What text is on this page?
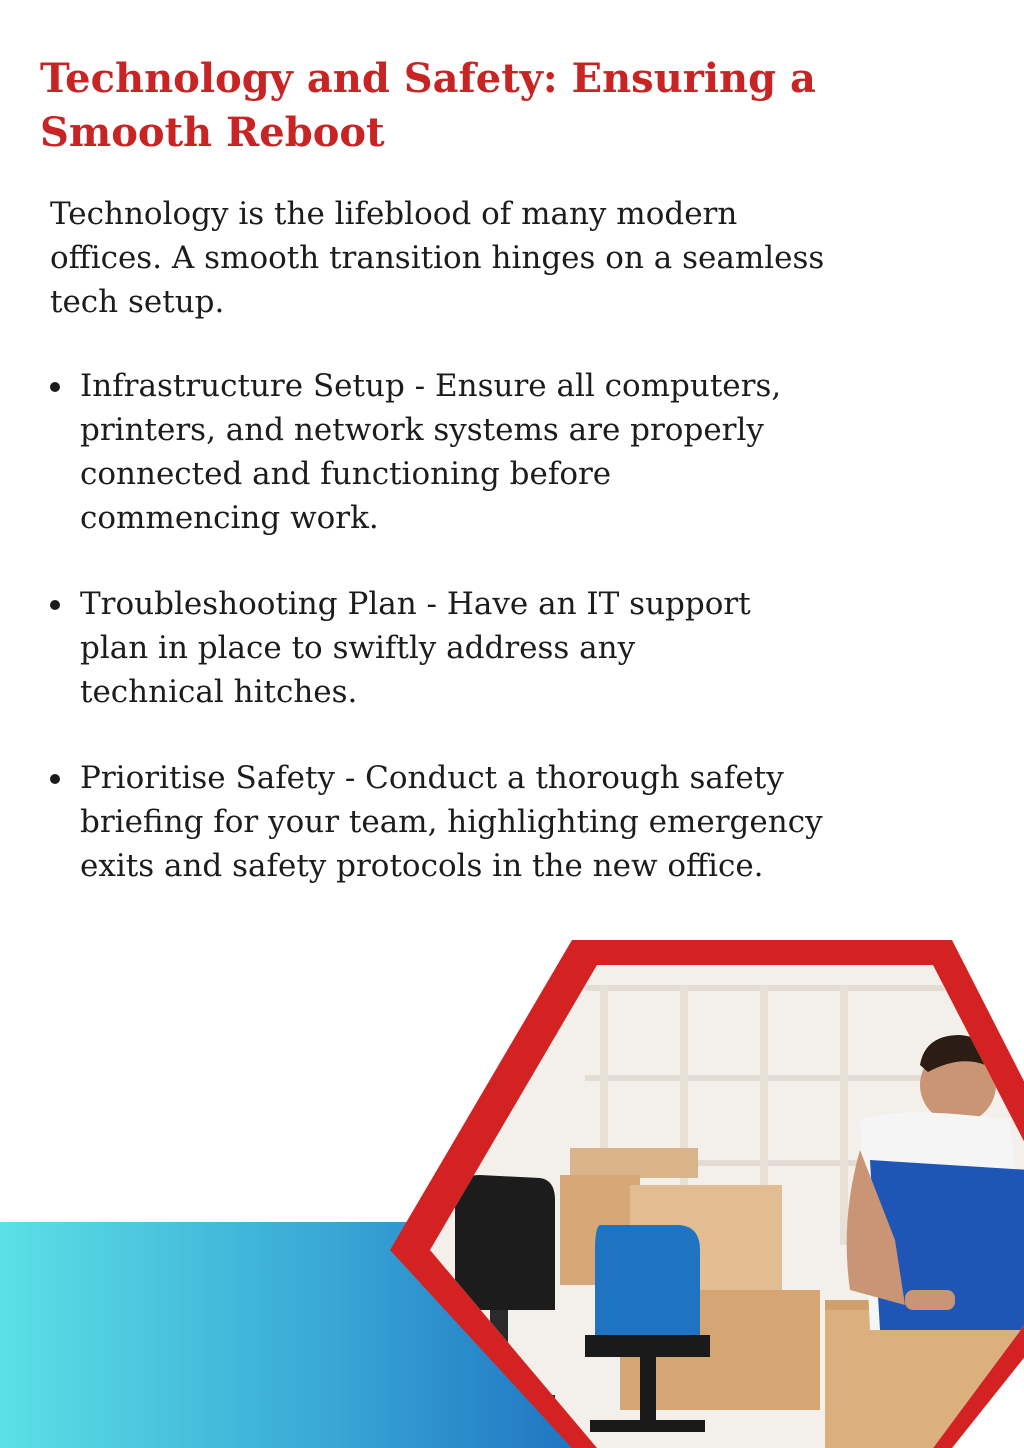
Technology and Safety: Ensuring a Smooth Reboot

Technology is the lifeblood of many modern offices. A smooth transition hinges on a seamless tech setup.

Infrastructure Setup - Ensure all computers, printers, and network systems are properly connected and functioning before commencing work.
Troubleshooting Plan - Have an IT support plan in place to swiftly address any technical hitches.
Prioritise Safety - Conduct a thorough safety briefing for your team, highlighting emergency exits and safety protocols in the new office.
